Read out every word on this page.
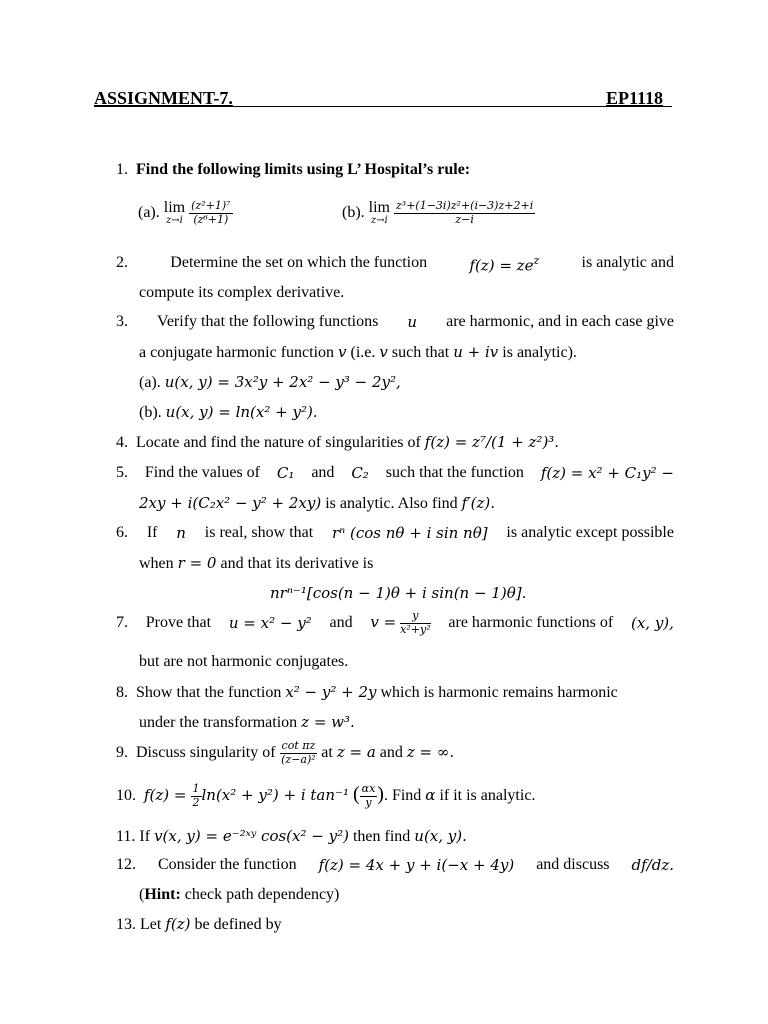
ASSIGNMENT-7.	EP1118
1. Find the following limits using L’ Hospital’s rule:
(a). lim
z→i
$\frac{\text{(z²+1)⁷}}{\text{(z⁶+1)}}$	(b). lim
z→i
$\frac{\text{z³+(1−3i)z²+(i−3)z+2+i}}{z-i}$
2.	Determine the set on which the function	$f(z) = ze^z$	is analytic and
compute its complex derivative.
3. Verify that the following functions u are harmonic, and in each case give
a conjugate harmonic function v (i.e. v such that u + iv is analytic).
(a). u(x, y) = 3x²y + 2x² − y³ − 2y²,
(b). u(x, y) = ln(x² + y²).
4. Locate and find the nature of singularities of f(z) = z⁷/(1 + z²)³.
5. Find the values of C₁ and C₂ such that the function f(z) = x² + C₁y² −
2xy + i(C₂x² − y² + 2xy) is analytic. Also find f′(z).
6. If n is real, show that rⁿ (cos nθ + i sin nθ] is analytic except possible
when r = 0 and that its derivative is
nrⁿ⁻¹[cos(n − 1)θ + i sin(n − 1)θ].
7. Prove that u = x² − y² and $v = \frac{y}{\text{x²+y²}}$ are harmonic functions of (x, y),
but are not harmonic conjugates.
8. Show that the function x² − y² + 2y which is harmonic remains harmonic
under the transformation z = w³.
9. Discuss singularity of $\frac{\text{cot πz}}{\text{(z−a)²}}$ at z = a and z = ∞.
10. $f(z) = \frac{1}{2} \ln(x^2 + y^2) + i$ tan⁻¹ ( $\frac{\alpha x}{y}$ ). Find α if it is analytic.
11. If v(x, y) = e⁻²ˣʸ cos(x² − y²) then find u(x, y).
12. Consider the function f(z) = 4x + y + i(−x + 4y) and discuss df/dz.
(Hint: check path dependency)
13. Let f(z) be defined by
